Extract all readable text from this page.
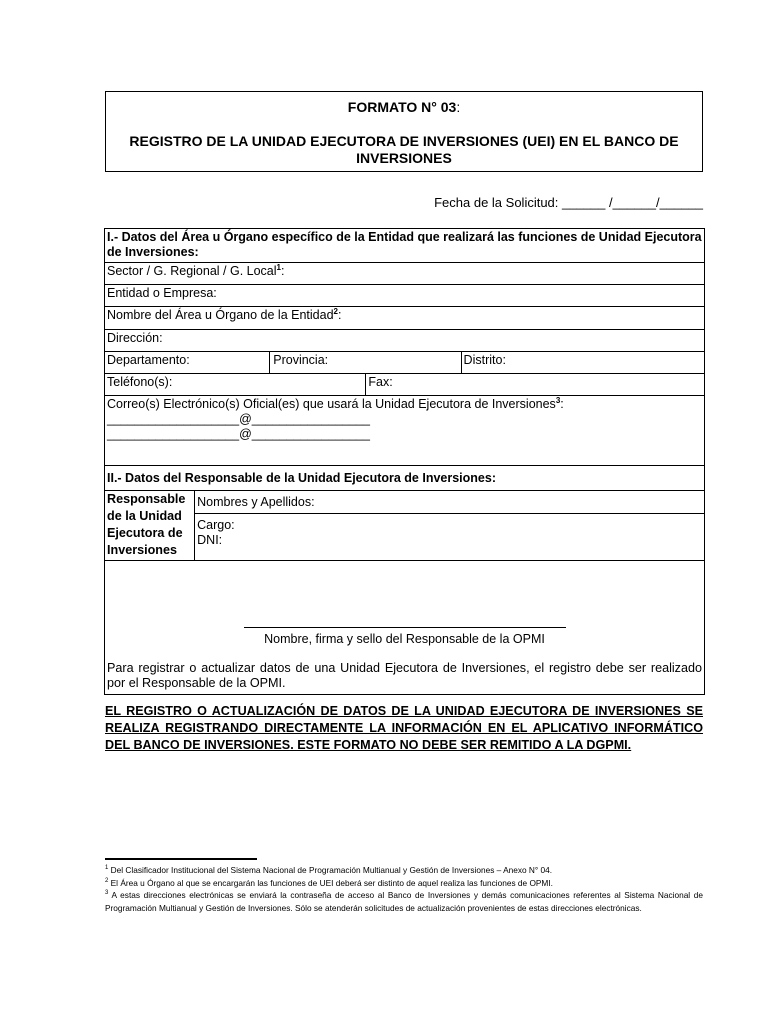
FORMATO N° 03:
REGISTRO DE LA UNIDAD EJECUTORA DE INVERSIONES (UEI) EN EL BANCO DE INVERSIONES
Fecha de la Solicitud: ______ /______/______
I.- Datos del Área u Órgano específico de la Entidad que realizará las funciones de Unidad Ejecutora de Inversiones:				
Sector / G. Regional / G. Local$^1$:				
Entidad o Empresa:				
Nombre del Área u Órgano de la Entidad$^2$:				
Dirección:				
Departamento:		Provincia:		Distrito:
Teléfono(s):			Fax:	
Correo(s) Electrónico(s) Oficial(es) que usará la Unidad Ejecutora de Inversiones$^3$:
___________________@_________________
___________________@_________________				

II.- Datos del Responsable de la Unidad Ejecutora de Inversiones:				
Responsable de la Unidad Ejecutora de Inversiones	Nombres y Apellidos:			

	Cargo:
DNI:			

Nombre, firma y sello del Responsable de la OPMI
Para registrar o actualizar datos de una Unidad Ejecutora de Inversiones, el registro debe ser realizado por el Responsable de la OPMI.				
EL REGISTRO O ACTUALIZACIÓN DE DATOS DE LA UNIDAD EJECUTORA DE INVERSIONES SE REALIZA REGISTRANDO DIRECTAMENTE LA INFORMACIÓN EN EL APLICATIVO INFORMÁTICO DEL BANCO DE INVERSIONES. ESTE FORMATO NO DEBE SER REMITIDO A LA DGPMI.

$^1$ Del Clasificador Institucional del Sistema Nacional de Programación Multianual y Gestión de Inversiones – Anexo N° 04.

$^2$ El Área u Órgano al que se encargarán las funciones de UEI deberá ser distinto de aquel realiza las funciones de OPMI.

$^3$ A estas direcciones electrónicas se enviará la contraseña de acceso al Banco de Inversiones y demás comunicaciones referentes al Sistema Nacional de Programación Multianual y Gestión de Inversiones. Sólo se atenderán solicitudes de actualización provenientes de estas direcciones electrónicas.
